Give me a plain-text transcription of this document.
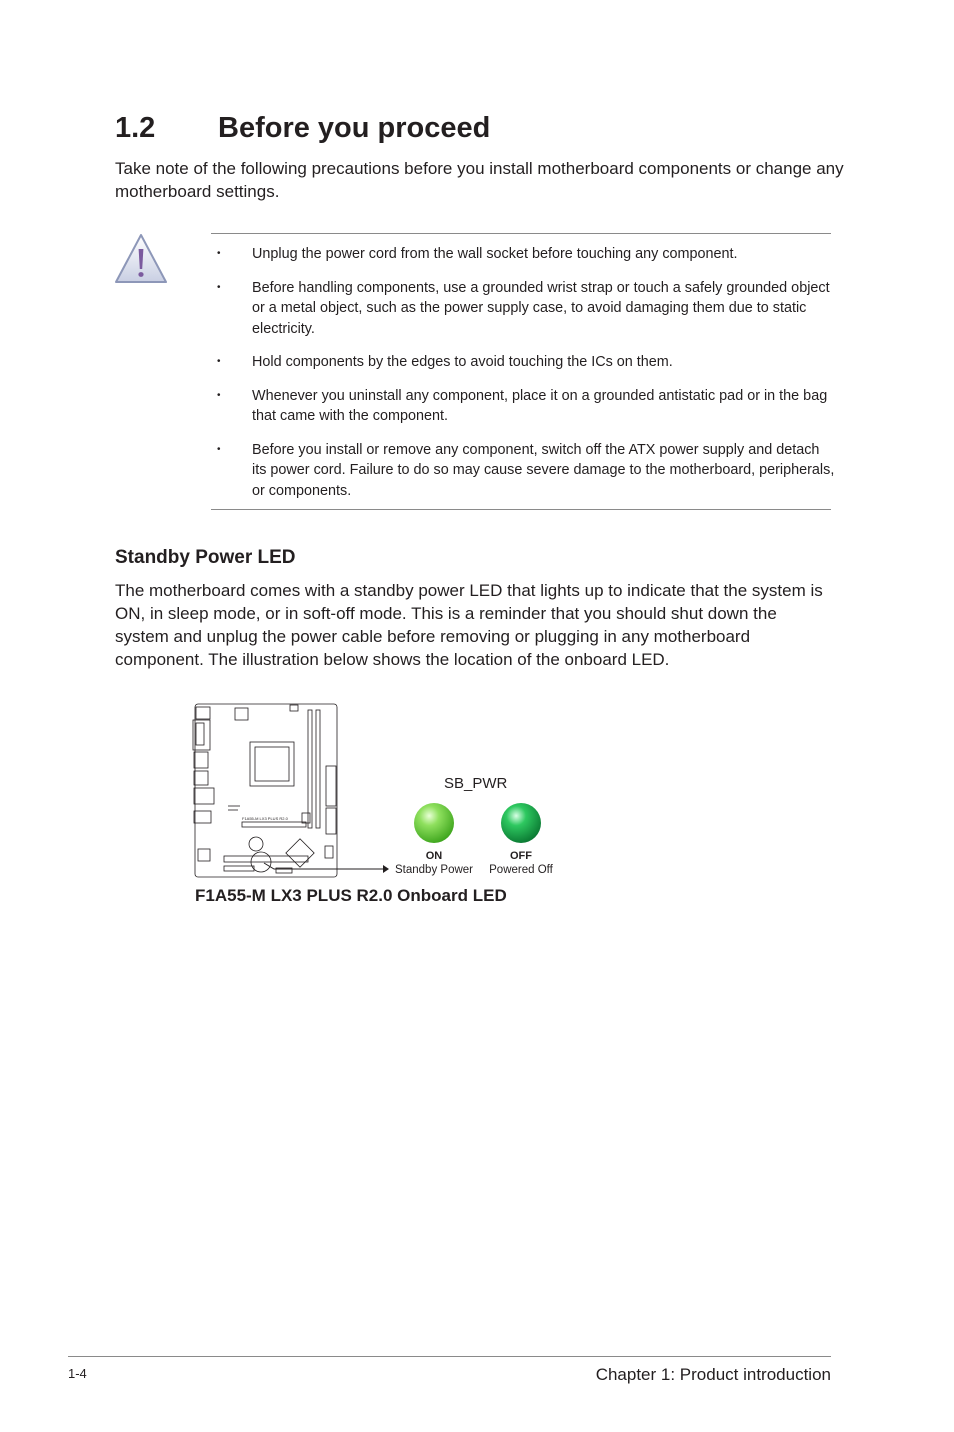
1.2 Before you proceed

Take note of the following precautions before you install motherboard components or change any motherboard settings.

• Unplug the power cord from the wall socket before touching any component.
• Before handling components, use a grounded wrist strap or touch a safely grounded object or a metal object, such as the power supply case, to avoid damaging them due to static electricity.
• Hold components by the edges to avoid touching the ICs on them.
• Whenever you uninstall any component, place it on a grounded antistatic pad or in the bag that came with the component.
• Before you install or remove any component, switch off the ATX power supply and detach its power cord. Failure to do so may cause severe damage to the motherboard, peripherals, or components.
Standby Power LED

The motherboard comes with a standby power LED that lights up to indicate that the system is ON, in sleep mode, or in soft-off mode. This is a reminder that you should shut down the system and unplug the power cable before removing or plugging in any motherboard component. The illustration below shows the location of the onboard LED.

F1A55-M LX3 PLUS R2.0
SB_PWR
ON
Standby Power
OFF
Powered Off
F1A55-M LX3 PLUS R2.0 Onboard LED
1-4	Chapter 1: Product introduction
